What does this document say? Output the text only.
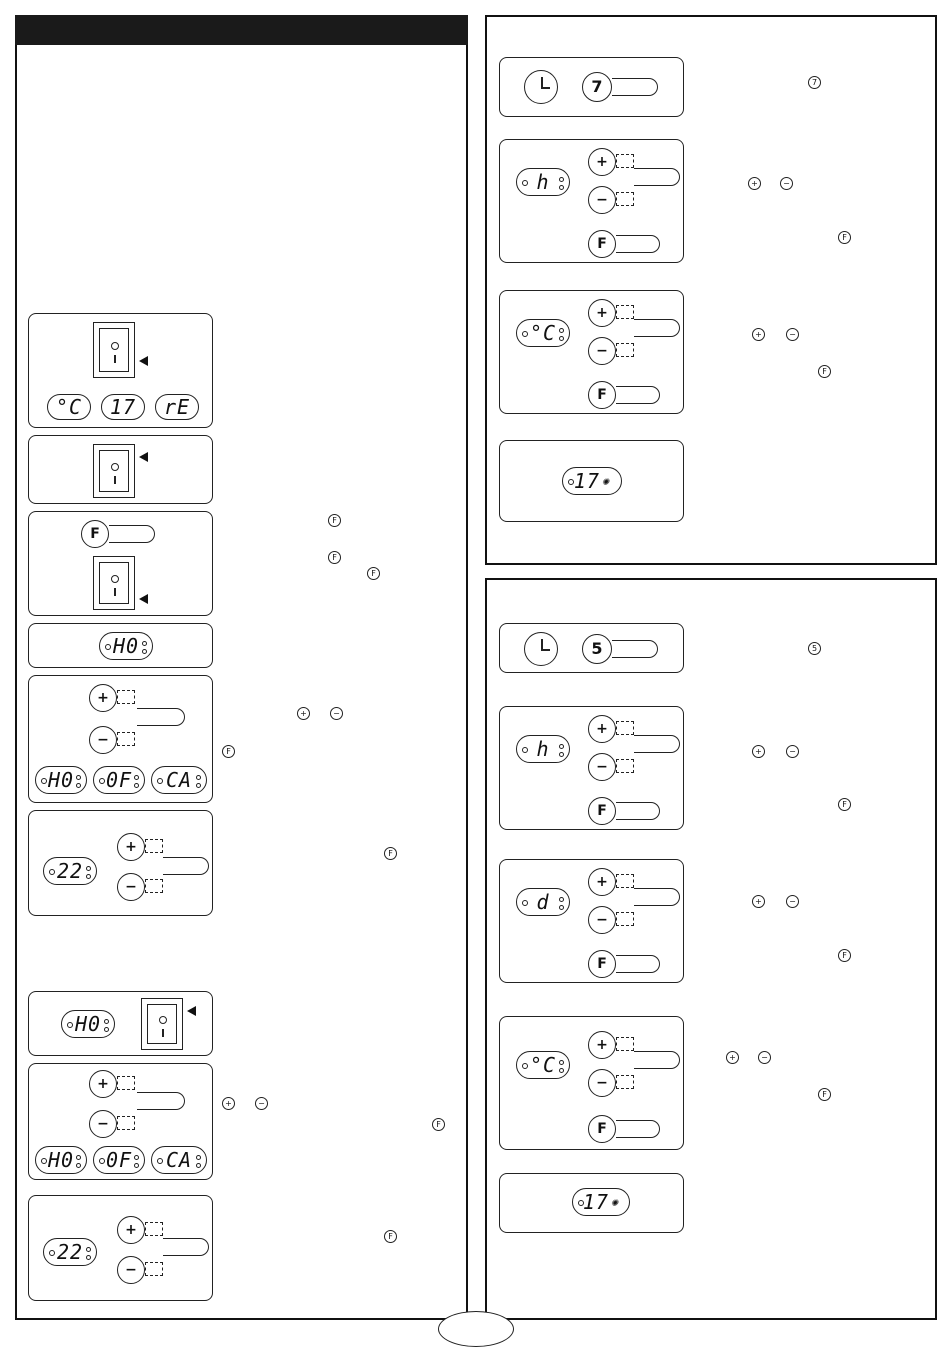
°C 17 rE
F
H0
+
−
H0 0F CA
22
+
−
F
F
F
+	−
F
F
H0
+
−
H0 0F CA
22
+
−
+	−
F
F
7
h
+
−
F
°C
+
−
F
17 ✺
7
+	−
F
+	−
F
5
h
+
−
F
d
+
−
F
°C
+
−
F
17 ✺
5
+	−
F
+	−
F
+	−
F
